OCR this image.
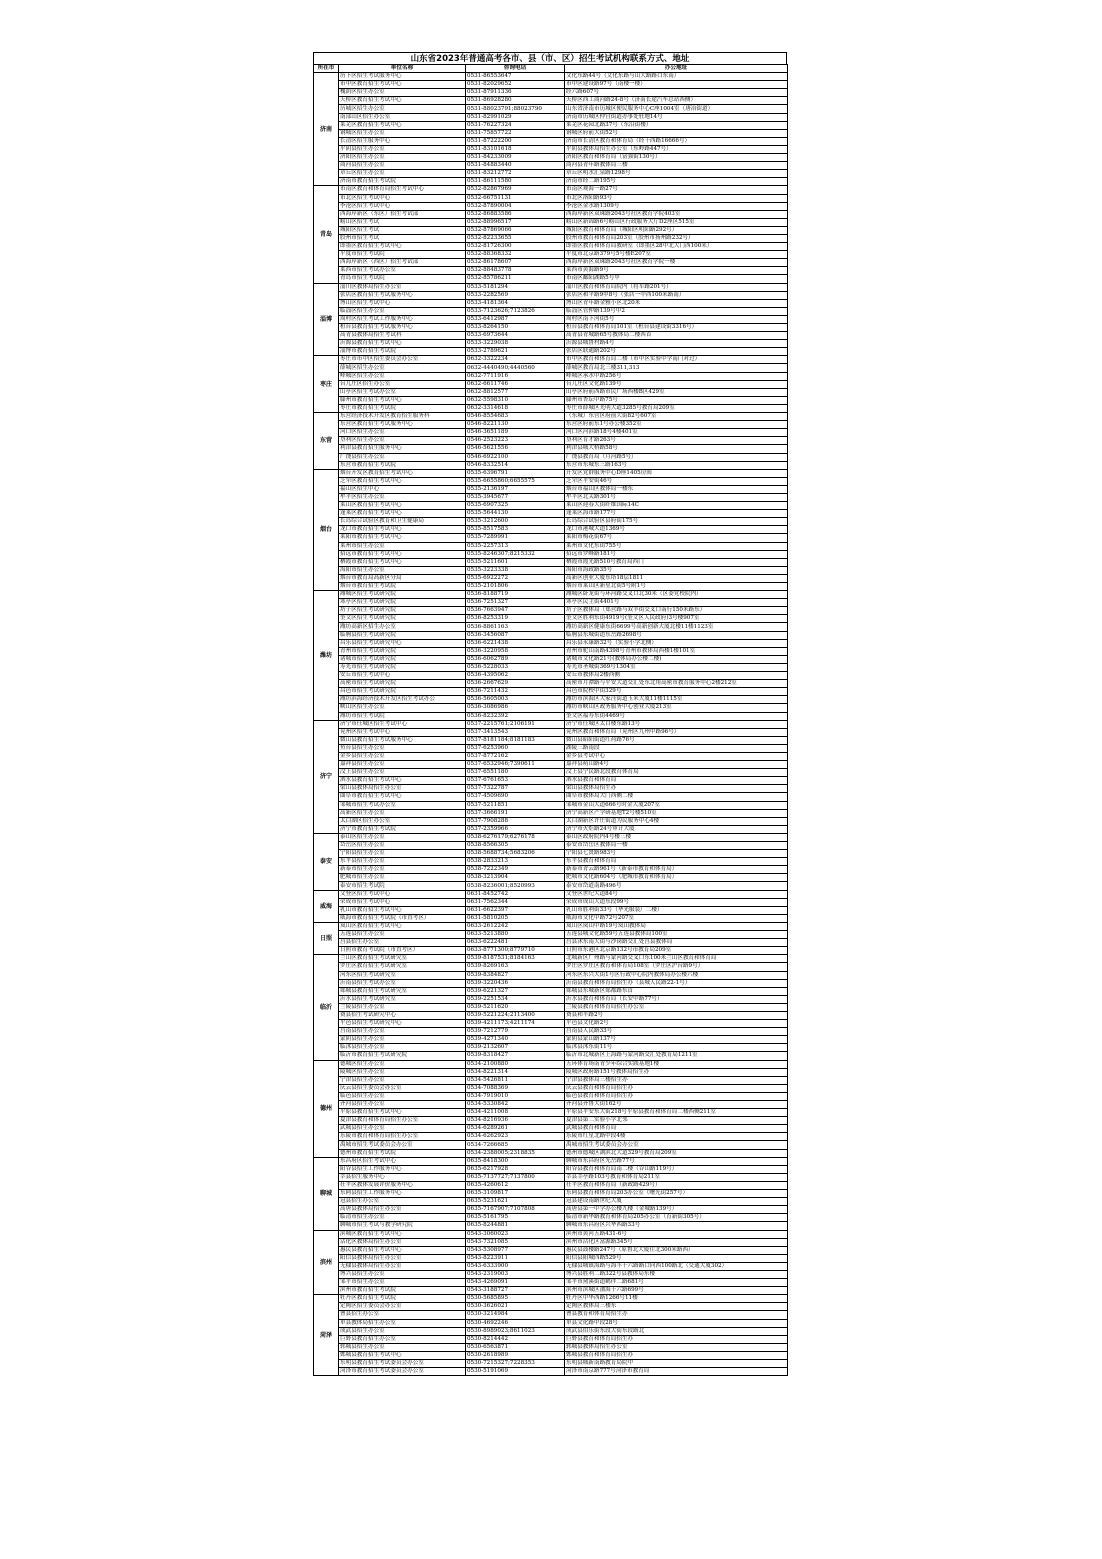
山东省2023年普通高考各市、县（市、区）招生考试机构联系方式、地址
所在市	单位名称	咨询电话	办公地址
济南	历下区招生考试服务中心	0531-86553647	文化东路44号（文化东路与山大路路口东南）
	市中区教育招生考试中心	0531-82029652	市中区建设路97号（南楼一楼）
	槐荫区招生办公室	0531-87911336	经六路607号
	天桥区教育招生考试中心	0531-86928280	天桥区西工商河路24-8号（济南长途汽车总站西侧）
	历城区招生办公室	0531-88023791;88023790	山东省济南市历城区便民服务中心C座1004室（唐冶街道）
	南部山区招生办公室	0531-82991029	济南市历城区仲宫街道办事处驻地14号
	莱芜区教育招生考试中心	0531-76227324	莱芜区花园北路37号（东沿街楼）
	钢城区招生办公室	0531-75857722	钢城区府前大街52号
	长清区招生服务中心	0531-87222200	济南市长清区教育和体育局（经十西路16666号）
	平阴县招生办公室	0531-83101618	平阴县教体局招生办公室（东岭路447号）
	济阳区招生办公室	0531-84233009	济阳区教育和体育局（富强街130号）
	商河县招生办公室	0531-84883440	商河县青年路教体局三楼
	章丘区招生办公室	0531-83212772	章丘区明水汇泉路1298号
	济南市教育招生考试院	0531-86111580	济南市经二路195号
青岛	市南区教育和体育局招生考试中心	0532-82867969	市南区观海一路27号
	市北区招生考试中心	0532-66751131	市北区洛阳路93号
	李沧区招生考试中心	0532-87890004	李沧区金水路1309号
	西海岸新区（东区）招生考试部	0532-86883586	西海岸新区双珠路2043号社区教育学院403室
	崂山区招生考试	0532-88996517	崂山区新锦路6号崂山区行政服务大厅D2座区515室
	城阳区招生考试	0532-87869066	城阳区教育和体育局（城阳区明阳路292号）
	胶州市招生考试	0532-82233655	胶州市教育和体育局203室（胶州市扬州路232号）
	即墨区教育招生考试中心	0532-81726300	即墨区教育和体育局教研室（即墨区28中北大门西100米）
	平度市招生考试院	0532-88368332	平度市北京路379号5号楼E207室
	西海岸新区（西区）招生考试部	0532-86178607	西海岸新区双珠路2043号社区教育学院一楼
	莱西市招生考试办公室	0532-88483778	莱西市黄海路9号
	青岛市招生考试院	0532-85786211	市南区鄱阳湖路5号甲
淄博	淄川区教体局招生办公室	0533-5181294	淄川区教育和体育局院内（将军路201号）
	张店区教育招生考试服务中心	0533-2282569	张店区和平路9甲8号（张店一中西100米路南）
	博山区招生考试中心	0533-4181364	博山区青年路金雅小区北20米
	临淄区招生办公室	0533-7123626;7123826	临淄区管仲路139号甲2
	周村区招生考试工作服务中心	0533-6412987	周村区南下河街5号
	桓台县教育招生考试服务中心	0533-8264150	桓台县教育和体育局101室（桓台县建设街3316号）
	高青县教体局招生考试科	0533-6973644	高青县青城路65号教体局二楼西首
	沂源县教育招生考试中心	0533-3229038	沂源县城鲁村路4号
	淄博市教育招生考试院	0533-2789621	张店区联通路202号
枣庄	枣庄市市中区招生委员会办公室	0632-3322234	市中区教育和体育局二楼（市中区实验中学南门对过）
	薛城区招生办公室	0632-4440490;4440560	薛城区教育局北三楼311,313
	峄城区招生办公室	0632-7711916	峄城区承水中路256号
	台儿庄区招生办公室	0632-6611746	台儿庄区文化路139号
	山亭区招生考试办公室	0632-8812577	山亭区府前西路市民广场西楼B区429室
	滕州市教育招生考试中心	0632-5598310	滕州市杏坛中路75号
	枣庄市教育招生考试院	0632-3314618	枣庄市薛城区光明大道3285号教育局209室
东营	东营经济技术开发区教育招生服务科	0546-8554683	（东城）东营区府前大街82号607室
	东营区教育招生考试服务中心	0546-8221130	东营区府前东1号办公楼352室
	河口区招生办公室	0546-3651189	河口区河滨路18号4楼401室
	垦利区招生办公室	0546-2523223	垦利区育才路263号
	利津县教育招生服务中心	0546-5621556	利津县城大桥路58号
	广饶县招生办公室	0546-6922100	广饶县教育局（月河路5号）
	东营市教育招生考试院	0546-8332514	东营市东城东三路163号
烟台	烟台开发区教育招生考试中心	0535-6396791	开发区党群服务中心D座1405房间
	芝罘区教育招生考试中心	0535-6655860;6655575	芝罘区平安街46号
	福山区招生中心	0535-2136197	烟台市福山区教体局一楼东
	牟平区招生办公室	0535-3945677	牟平区北关路301号
	莱山区教育招生考试中心	0535-6907325	莱山区迎春大街纤维国际14C
	蓬莱区教育招生考试中心	0535-5644130	蓬莱区海市路177号
	长岛综合试验区教育和卫生健康局	0535-3212600	长岛综合试验区县府街175号
	龙口市教育招生考试中心	0535-8517583	龙口市港城大道1369号
	莱阳市教育招生考试中心	0535-7289991	莱阳市梅花街67号
	莱州市招生办公室	0535-2257313	莱州市文化东街755号
	招远市教育招生考试中心	0535-8246307;8215332	招远市罗峰路181号
	栖霞市教育招生考试中心	0535-5211601	栖霞市霞光路510号教育局西门
	海阳市招生办公室	0535-3223338	海阳市海政路35号
	烟台市教育局高新区分局	0535-6922272	高新区创业大厦东塔18层1811
	烟台市教育招生考试院	0535-2101806	烟台市莱山区新星北街5号附1号
潍坊	潍城区招生考试研究院	0536-8188719	潍城区卧龙街与环河路交叉口北30米（区委党校院内）
	寒亭区招生考试研究院	0536-7251327	寒亭区民主街4401号
	坊子区招生考试研究院	0536-7663947	坊子区教体局（郑营路与双羊街交叉口南行150米路东）
	奎文区招生考试研究院	0536-8253319	奎文区胜利东街4919号(奎文区人民政府)3号楼907室
	潍坊高新区招生办公室	0536-8861163	潍坊高新区健康东街6699号高新创新大厦北楼11楼1123室
	临朐县招生考试研究院	0536-3456087	临朐县东城街道东岳路2698号
	昌乐县招生考试研究中心	0536-6221438	昌乐县永康路32号（实验小学北侧）
	青州市招生考试研究院	0536-3220958	青州市驼山南路4398号青州市教体局西楼1楼101室
	诸城市招生考试研究院	0536-6062789	诸城市文化路21号(教体局办公楼二楼)
	寿光市招生考试研究院	0536-5228033	寿光市圣城街369号1304室
	安丘市招生考试中心	0536-4395062	安丘市教体局2楼西侧
	高密市招生考试研究院	0536-2667629	高密市月潭路与平安大道交汇处东北角高密市教育服务中心2楼212室
	昌邑市招生考试研究院	0536-7211432	昌邑市院校中街329号
	潍坊滨海经济技术开发区招生考试办公	0536-5605003	潍坊市滨海区大家洼街道玉米大厦11楼1115室
	峡山区招生办公室	0536-3086986	潍坊市峡山区政务服务中心创业大厦213室
	潍坊市招生考试院	0536-8232392	奎文区福寿东街4469号
济宁	济宁市任城区招生考试中心	0537-2215761;2106191	济宁市任城区太白楼东路13号
	兖州区招生考试中心	0537-3413543	兖州区教育和体育局（兖州区九州中路96号）
	微山县教育招生考试服务中心	0537-8181184;8181183	微山县昭阳街道红荷路76号
	鱼台县招生办公室	0537-6253960	湖陵三路南段
	金乡县招生办公室	0537-8772162	金乡县考试中心
	嘉祥县招生办公室	0537-6532946;7390611	嘉祥县萌山路4号
	汶上县招生办公室	0537-6551180	汶上县宁民路北段教育体育局
	泗水县教育招生考试中心	0537-6761653	泗水县教育和体育局
	梁山县教体局招生办公室	0537-7322787	梁山县教体局招生办
	曲阜市教育招生考试中心	0537-4509690	曲阜市教体局大门西侧二楼
	邹城市招生考试办公室	0537-5211851	邹城市金山大道666号时金大厦207室
	高新区招生办公室	0537-3666191	济宁高新区产学研基地T2号楼510室
	太白湖区招生办公室	0537-7908288	太白湖新区许庄街道为民服务中心4楼
	济宁市教育招生考试院	0537-2359966	济宁市火炬路24号审计大厦
泰安	泰山区招生办公室	0538-6276179;6276178	泰山区政府院内4号楼三楼
	岱岳区招生办公室	0538-8566305	泰安市岱岳区教体局一楼
	宁阳县招生办公室	0538-5688734;5683206	宁阳县七贤路983号
	东平县招生办公室	0538-2833213	东平县教育和体育局
	新泰市招生办公室	0538-7222349	新泰市青云路961号（新泰市教育和体育局）
	肥城市招生办公室	0538-3213904	肥城市文化路604号（肥城市教育和体育局）
	泰安市招生考试院	0538-8236001;8520993	泰安市岱道南路496号
威海	文登区招生考试中心	0631-8452742	文登区世纪大道84号
	荣成市招生考试中心	0631-7562344	荣成市成山大道东段99号
	乳山市教育招生考试中心	0631-6622397	乳山市胜利街33号（华光服装厂二楼）
	威海市教育招生考试院（市直考区）	0631-5810205	威海市文化中路72号207室
日照	岚山区教育招生考试中心	0633-2612242	岚山区岚山中路19号岚山教体局
	五莲县招生办公室	0633-5213880	五莲县城文化路59号五莲县教体局100室
	莒县招生办公室	0633-6222481	莒县沭东南大街与沙岗路交汇处莒县教体局
	日照市教育考试院（市直考区）	0633-8771300;8779710	日照市东港区北京路132号市教育局209室
临沂	兰山区教育招生考试研究室	0539-8187531;8184163	北城新区广州路与蒙河路交叉口东100米兰山区教育和体育局
	罗庄区教育招生考试研究室	0539-8269163	罗庄区罗庄区教育和体育局108室（罗庄区沪台路9号）
	河东区招生考试研究室	0539-8384827	河东区东兴大街1号区行政中心院内教体局办公楼六楼
	沂南县招生考试办公室	0539-3220436	沂南县教育和体育局招生办（县城人民路22-1号）
	郯城县教育招生考试研究室	0539-6221327	郯城县东城新区郯都路东首
	沂水县招生考试研究室	0539-2251534	沂水县教育和体育局（长安中路77号）
	兰陵县招生办公室	0539-5211620	兰陵县教育和体育局招生办公室
	费县招生考试研究中心	0539-5221224;2113400	费县和平路2号
	平邑县招生考试研究中心	0539-4211173;4211174	平邑县文化路2号
	莒南县招生办公室	0539-7212779	莒南县人民路33号
	蒙阴县招生办公室	0539-4271340	蒙阴县蒙山路137号
	临沭县招生办公室	0539-2132607	临沭县沭东街11号
	临沂市教育招生考试研究院	0539-8318427	临沂市北城新区上海路与蒙河路交汇处教育局1211室
德州	德城区招生办公室	0534-2100880	五环体育场南青少年综合实践基地1楼
	陵城区招生办公室	0534-8221314	陵城区政府路151号教体局招生办
	宁津县招生办公室	0534-5426811	宁津县教体局三楼招生办
	庆云县招生委员会办公室	0534-7088369	庆云县教育和体育局招生办
	临邑县招生办公室	0534-7919010	临邑县教育和体育局招生办
	齐河县招生办公室	0534-5330842	齐河县齐鲁大街162号
	平原县教育招生考试中心	0534-4211008	平原县平安东大街218号平原县教育和体育局二楼西侧211室
	夏津县教育和体育局招生办公室	0534-8216936	夏津县第二实验小学北邻
	武城县招生办公室	0534-6289261	武城县教育和体育局
	乐陵市教育和体育局招生办公室	0534-6262923	乐陵市红星北路中段4楼
	禹城市招生考试委员会办公室	0534-7266685	禹城市招生考试委员会办公室
	德州市教育招生考试院	0534-2388005;2318835	德州市德城区湖滨北大道329号教育局209室
聊城	东昌府区招生考试中心	0635-8418300	聊城市东昌府区光岳路77号
	阳谷县招生工作服务中心	0635-6217928	阳谷县教育和体育局南二楼（谷山路119号）
	莘县招生服务中心	0635-7137727;7137800	莘县莘亭路103号教育和体育局211室
	茌平区教体发展评价服务中心	0635-4260612	茌平区教育和体育局（新政路429号）
	东阿县招生工作服务中心	0635-3109817	东阿县教育和体育局203办公室（曙光街257号）
	冠县招生办公室	0635-5231621	冠县建设南路世纪大厦
	高唐县教体局招生办公室	0635-7167907;7107808	高唐县第一中学办公楼九楼（金城路139号）
	临清市招生办公室	0635-5161795	临清市新华路教育和体育局205办公室（育新街305号）
	聊城市招生考试与教学研究院	0635-8244881	聊城市东昌府区兴华西路33号
滨州	滨城区教育招生考试中心	0543-3060023	滨州市黄河五路431-6号
	沾化区教体局招生办公室	0543-7321085	滨州市沾化区富源路345号
	惠民县教育招生考试中心	0543-5308977	惠民县鼓楼路247号（原鲁北大厦往北300米路西）
	阳信县教体局招生办公室	0543-8223911	阳信县阳城四路529号
	无棣县教体局招生办公室	0543-6333900	无棣县城镇海路与海丰十六路路口向西100路北（交通大厦302）
	博兴县招生办公室	0543-2319003	博兴县胜利二路322号县教体局东楼
	邹平市招生办公室	0543-4269091	邹平市黛溪街道鹤伴二路681号
	滨州市教育招生考试院	0543-3188727	滨州市滨城区渤海十六路699号
菏泽	牡丹区教育招生考试院	0530-5685895	牡丹区中华西路1266号11楼
	定陶区招生委员会办公室	0530-3626021	定陶区教体局三楼东
	曹县招生办公室	0530-3214984	曹县教育和体育局招生办
	单县教体局招生办公室	0530-4692246	单县文化路中段28号
	成武县招生办公室	0530-8989023;8611023	成武县伯乐街东段大街东段路北
	巨野县教育招生办公室	0530-8214442	巨野县教育和体育局招生办
	郓城县招生办公室	0530-6563871	郓城县教体局招生办公室
	鄄城县教育招生考试中心	0530-2618989	鄄城县教育和体育局招生办
	东明县教育招生考试委员会办公室	0530-7215327;7228353	东明县城新南路教育局院中
	菏泽市教育招生考试委员会办公室	0530-5191069	菏泽市南京路777号菏泽市教育局
